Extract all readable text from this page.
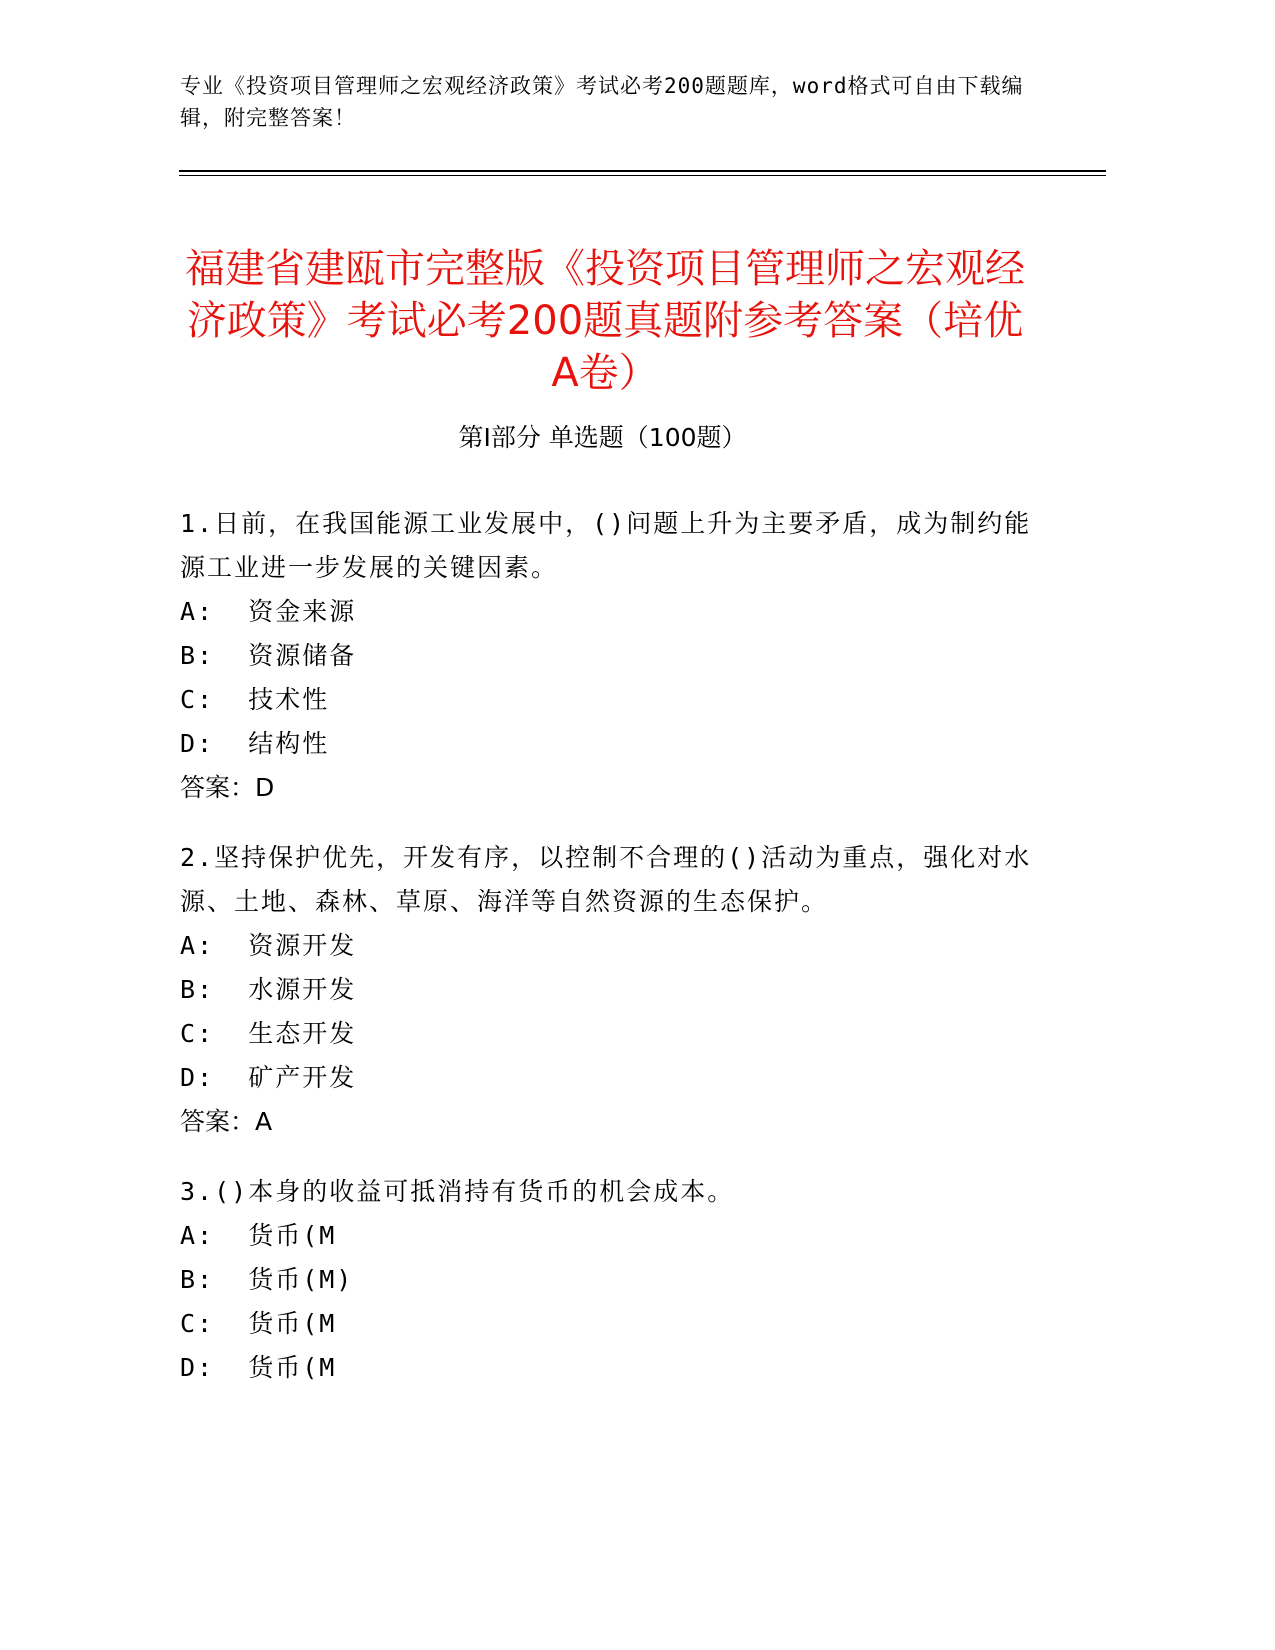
专业《投资项目管理师之宏观经济政策》考试必考200题题库，word格式可自由下载编辑，附完整答案！
福建省建瓯市完整版《投资项目管理师之宏观经济政策》考试必考200题真题附参考答案（培优A卷）
第I部分 单选题（100题）
1.日前，在我国能源工业发展中，()问题上升为主要矛盾，成为制约能源工业进一步发展的关键因素。
A:  资金来源
B:  资源储备
C:  技术性
D:  结构性
答案：D
2.坚持保护优先，开发有序，以控制不合理的()活动为重点，强化对水源、土地、森林、草原、海洋等自然资源的生态保护。
A:  资源开发
B:  水源开发
C:  生态开发
D:  矿产开发
答案：A
3.()本身的收益可抵消持有货币的机会成本。
A:  货币(M
B:  货币(M)
C:  货币(M
D:  货币(M
